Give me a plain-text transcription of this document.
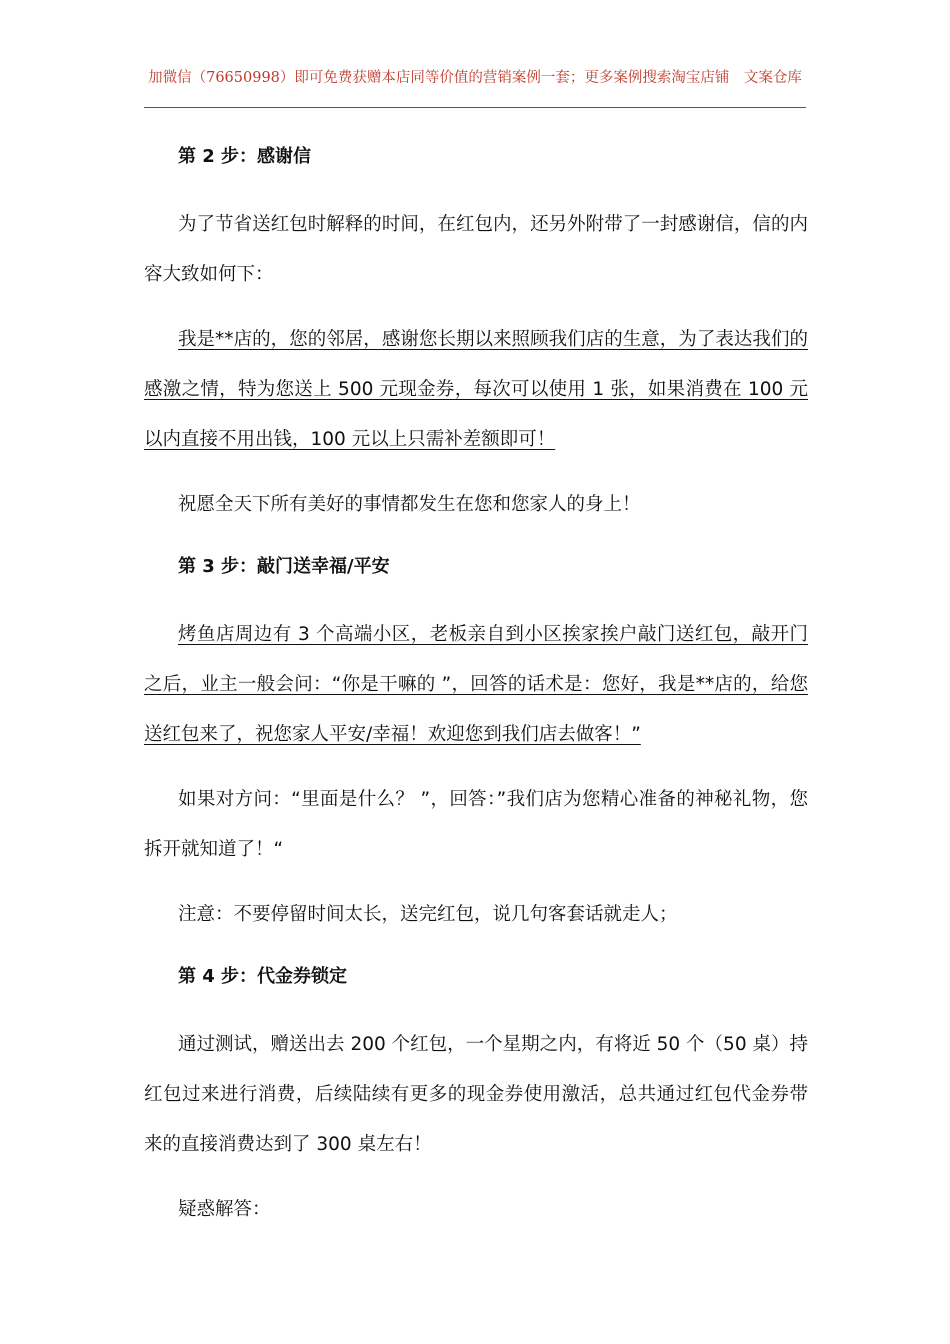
加微信（76650998）即可免费获赠本店同等价值的营销案例一套；更多案例搜索淘宝店铺　文案仓库
第 2 步：感谢信

为了节省送红包时解释的时间，在红包内，还另外附带了一封感谢信，信的内容大致如何下：

我是**店的，您的邻居，感谢您长期以来照顾我们店的生意，为了表达我们的感激之情，特为您送上 500 元现金券，每次可以使用 1 张，如果消费在 100 元以内直接不用出钱，100 元以上只需补差额即可！

祝愿全天下所有美好的事情都发生在您和您家人的身上！

第 3 步：敲门送幸福/平安

烤鱼店周边有 3 个高端小区，老板亲自到小区挨家挨户敲门送红包，敲开门之后，业主一般会问：“你是干嘛的 ”，回答的话术是：您好，我是**店的，给您送红包来了，祝您家人平安/幸福！欢迎您到我们店去做客！”

如果对方问：“里面是什么？ ”，回答：”我们店为您精心准备的神秘礼物，您拆开就知道了！“

注意：不要停留时间太长，送完红包，说几句客套话就走人；

第 4 步：代金券锁定

通过测试，赠送出去 200 个红包，一个星期之内，有将近 50 个（50 桌）持红包过来进行消费，后续陆续有更多的现金券使用激活，总共通过红包代金券带来的直接消费达到了 300 桌左右！

疑惑解答：
